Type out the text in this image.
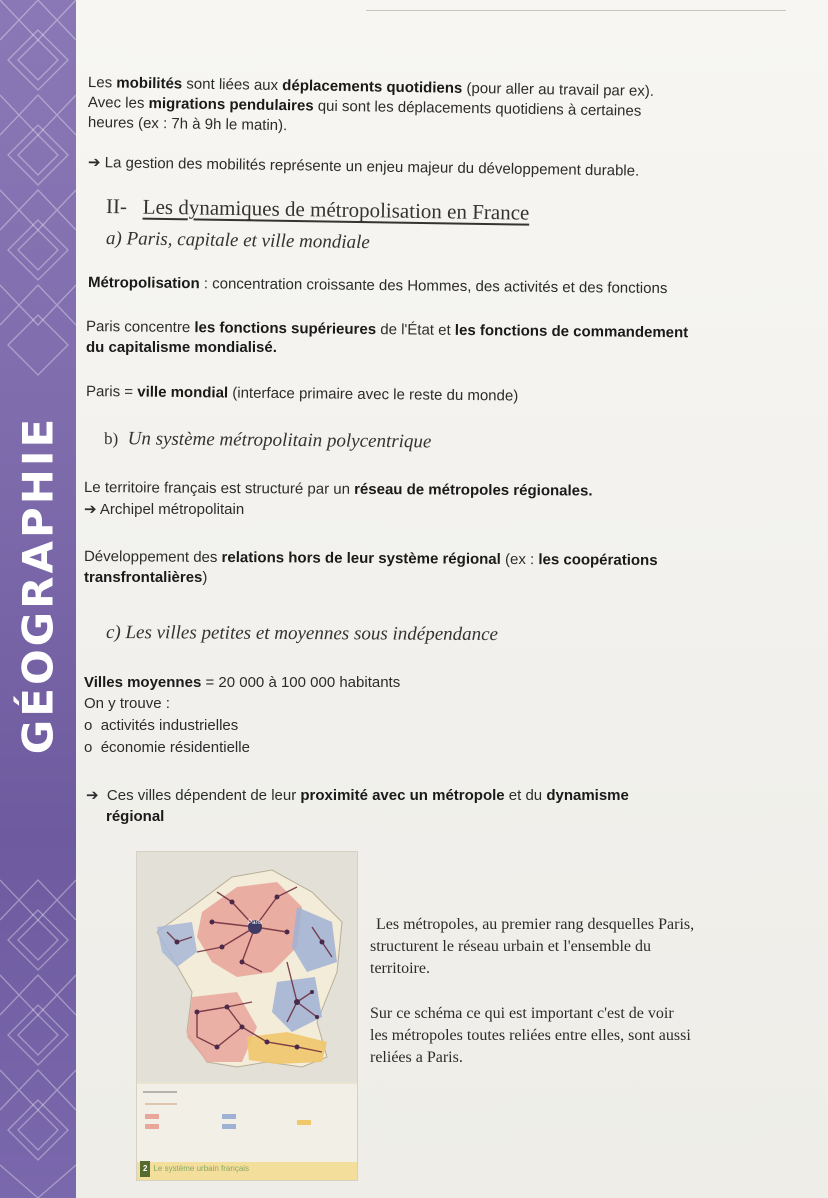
GÉOGRAPHIE
Les mobilités sont liées aux déplacements quotidiens (pour aller au travail par ex).
Avec les migrations pendulaires qui sont les déplacements quotidiens à certaines
heures (ex : 7h à 9h le matin).
➔ La gestion des mobilités représente un enjeu majeur du développement durable.
II- Les dynamiques de métropolisation en France
a) Paris, capitale et ville mondiale
Métropolisation : concentration croissante des Hommes, des activités et des fonctions
Paris concentre les fonctions supérieures de l'État et les fonctions de commandement
du capitalisme mondialisé.
Paris = ville mondial (interface primaire avec le reste du monde)
b) Un système métropolitain polycentrique
Le territoire français est structuré par un réseau de métropoles régionales.
➔ Archipel métropolitain
Développement des relations hors de leur système régional (ex : les coopérations
transfrontalières)
c) Les villes petites et moyennes sous indépendance
Villes moyennes = 20 000 à 100 000 habitants
On y trouve :
o activités industrielles
o économie résidentielle
➔ Ces villes dépendent de leur proximité avec un métropole et du dynamisme
régional
Paris
2 Le système urbain français
Les métropoles, au premier rang desquelles Paris,
structurent le réseau urbain et l'ensemble du
territoire.
Sur ce schéma ce qui est important c'est de voir
les métropoles toutes reliées entre elles, sont aussi
reliées a Paris.
